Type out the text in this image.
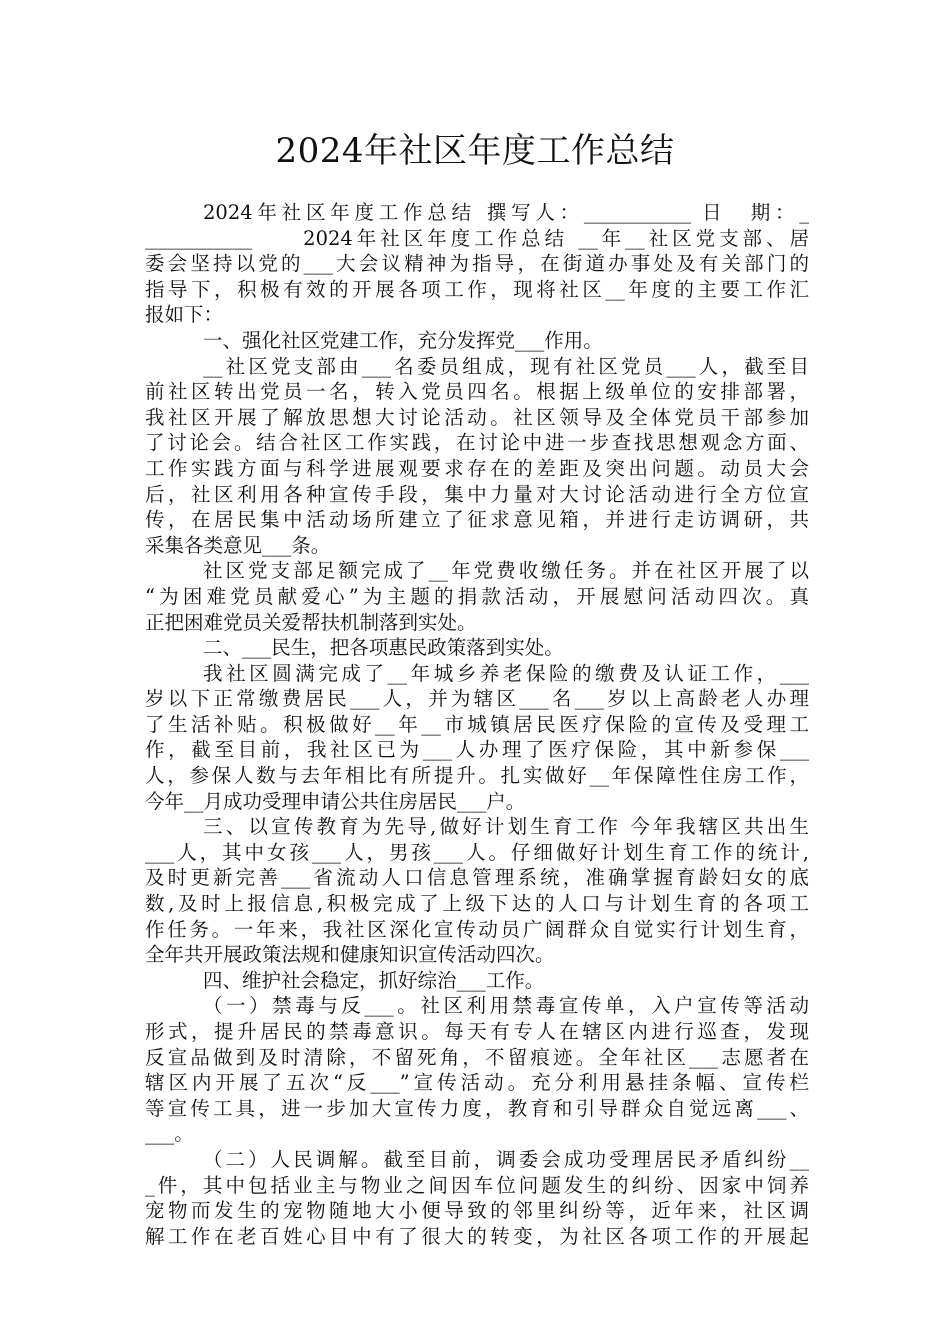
2024年社区年度工作总结
2024年社区年度工作总结 撰写人：___________ 日　期：_
___________　　2024年社区年度工作总结 __年__社区党支部、居
委会坚持以党的___大会议精神为指导，在街道办事处及有关部门的
指导下，积极有效的开展各项工作，现将社区__年度的主要工作汇
报如下：
一、强化社区党建工作，充分发挥党___作用。
__社区党支部由___名委员组成，现有社区党员___人，截至目
前社区转出党员一名，转入党员四名。根据上级单位的安排部署，
我社区开展了解放思想大讨论活动。社区领导及全体党员干部参加
了讨论会。结合社区工作实践，在讨论中进一步查找思想观念方面、
工作实践方面与科学进展观要求存在的差距及突出问题。动员大会
后，社区利用各种宣传手段，集中力量对大讨论活动进行全方位宣
传，在居民集中活动场所建立了征求意见箱，并进行走访调研，共
采集各类意见___条。
社区党支部足额完成了__年党费收缴任务。并在社区开展了以
“为困难党员献爱心”为主题的捐款活动，开展慰问活动四次。真
正把困难党员关爱帮扶机制落到实处。
二、___民生，把各项惠民政策落到实处。
我社区圆满完成了__年城乡养老保险的缴费及认证工作，___
岁以下正常缴费居民___人，并为辖区___名___岁以上高龄老人办理
了生活补贴。积极做好__年__市城镇居民医疗保险的宣传及受理工
作，截至目前，我社区已为___人办理了医疗保险，其中新参保___
人，参保人数与去年相比有所提升。扎实做好__年保障性住房工作，
今年__月成功受理申请公共住房居民___户。
三、以宣传教育为先导,做好计划生育工作 今年我辖区共出生
___人，其中女孩___人，男孩___人。仔细做好计划生育工作的统计,
及时更新完善___省流动人口信息管理系统，准确掌握育龄妇女的底
数,及时上报信息,积极完成了上级下达的人口与计划生育的各项工
作任务。一年来，我社区深化宣传动员广阔群众自觉实行计划生育，
全年共开展政策法规和健康知识宣传活动四次。
四、维护社会稳定，抓好综治___工作。
（一）禁毒与反___。社区利用禁毒宣传单，入户宣传等活动
形式，提升居民的禁毒意识。每天有专人在辖区内进行巡查，发现
反宣品做到及时清除，不留死角，不留痕迹。全年社区___志愿者在
辖区内开展了五次“反___”宣传活动。充分利用悬挂条幅、宣传栏
等宣传工具，进一步加大宣传力度，教育和引导群众自觉远离___、
___。
（二）人民调解。截至目前，调委会成功受理居民矛盾纠纷__
_件，其中包括业主与物业之间因车位问题发生的纠纷、因家中饲养
宠物而发生的宠物随地大小便导致的邻里纠纷等，近年来，社区调
解工作在老百姓心目中有了很大的转变，为社区各项工作的开展起
